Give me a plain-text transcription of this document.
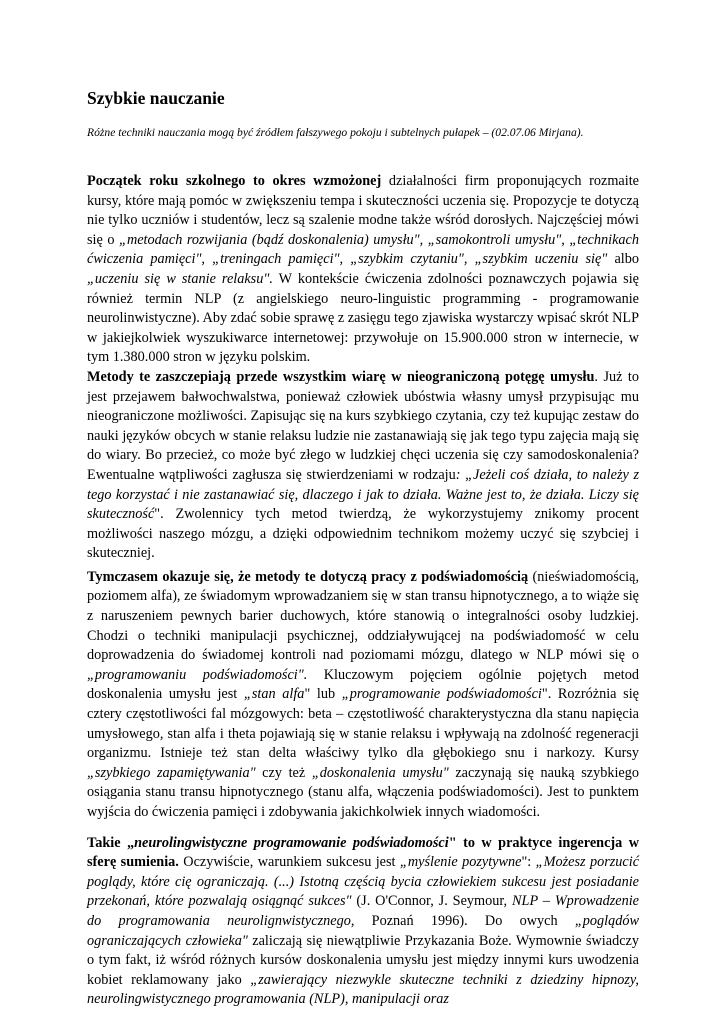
Szybkie nauczanie
Różne techniki nauczania mogą być źródłem fałszywego pokoju i subtelnych pułapek – (02.07.06 Mirjana).

Początek roku szkolnego to okres wzmożonej działalności firm proponujących rozmaite kursy, które mają pomóc w zwiększeniu tempa i skuteczności uczenia się. Propozycje te dotyczą nie tylko uczniów i studentów, lecz są szalenie modne także wśród dorosłych. Najczęściej mówi się o „metodach rozwijania (bądź doskonalenia) umysłu", „samokontroli umysłu", „technikach ćwiczenia pamięci", „treningach pamięci", „szybkim czytaniu", „szybkim uczeniu się" albo „uczeniu się w stanie relaksu". W kontekście ćwiczenia zdolności poznawczych pojawia się również termin NLP (z angielskiego neuro-linguistic programming - programowanie neurolinwistyczne). Aby zdać sobie sprawę z zasięgu tego zjawiska wystarczy wpisać skrót NLP w jakiejkolwiek wyszukiwarce internetowej: przywołuje on 15.900.000 stron w internecie, w tym 1.380.000 stron w języku polskim.

Metody te zaszczepiają przede wszystkim wiarę w nieograniczoną potęgę umysłu. Już to jest przejawem bałwochwalstwa, ponieważ człowiek ubóstwia własny umysł przypisując mu nieograniczone możliwości. Zapisując się na kurs szybkiego czytania, czy też kupując zestaw do nauki języków obcych w stanie relaksu ludzie nie zastanawiają się jak tego typu zajęcia mają się do wiary. Bo przecież, co może być złego w ludzkiej chęci uczenia się czy samodoskonalenia? Ewentualne wątpliwości zagłusza się stwierdzeniami w rodzaju: „Jeżeli coś działa, to należy z tego korzystać i nie zastanawiać się, dlaczego i jak to działa. Ważne jest to, że działa. Liczy się skuteczność". Zwolennicy tych metod twierdzą, że wykorzystujemy znikomy procent możliwości naszego mózgu, a dzięki odpowiednim technikom możemy uczyć się szybciej i skuteczniej.

Tymczasem okazuje się, że metody te dotyczą pracy z podświadomością (nieświadomością, poziomem alfa), ze świadomym wprowadzaniem się w stan transu hipnotycznego, a to wiąże się z naruszeniem pewnych barier duchowych, które stanowią o integralności osoby ludzkiej. Chodzi o techniki manipulacji psychicznej, oddziaływującej na podświadomość w celu doprowadzenia do świadomej kontroli nad poziomami mózgu, dlatego w NLP mówi się o „programowaniu podświadomości". Kluczowym pojęciem ogólnie pojętych metod doskonalenia umysłu jest „stan alfa" lub „programowanie podświadomości". Rozróżnia się cztery częstotliwości fal mózgowych: beta – częstotliwość charakterystyczna dla stanu napięcia umysłowego, stan alfa i theta pojawiają się w stanie relaksu i wpływają na zdolność regeneracji organizmu. Istnieje też stan delta właściwy tylko dla głębokiego snu i narkozy. Kursy „szybkiego zapamiętywania" czy też „doskonalenia umysłu" zaczynają się nauką szybkiego osiągania stanu transu hipnotycznego (stanu alfa, włączenia podświadomości). Jest to punktem wyjścia do ćwiczenia pamięci i zdobywania jakichkolwiek innych wiadomości.

Takie „neurolingwistyczne programowanie podświadomości" to w praktyce ingerencja w sferę sumienia. Oczywiście, warunkiem sukcesu jest „myślenie pozytywne": „Możesz porzucić poglądy, które cię ograniczają. (...) Istotną częścią bycia człowiekiem sukcesu jest posiadanie przekonań, które pozwalają osiągnąć sukces" (J. O'Connor, J. Seymour, NLP – Wprowadzenie do programowania neurolignwistycznego, Poznań 1996). Do owych „poglądów ograniczających człowieka" zaliczają się niewątpliwie Przykazania Boże. Wymownie świadczy o tym fakt, iż wśród różnych kursów doskonalenia umysłu jest między innymi kurs uwodzenia kobiet reklamowany jako „zawierający niezwykle skuteczne techniki z dziedziny hipnozy, neurolingwistycznego programowania (NLP), manipulacji oraz
